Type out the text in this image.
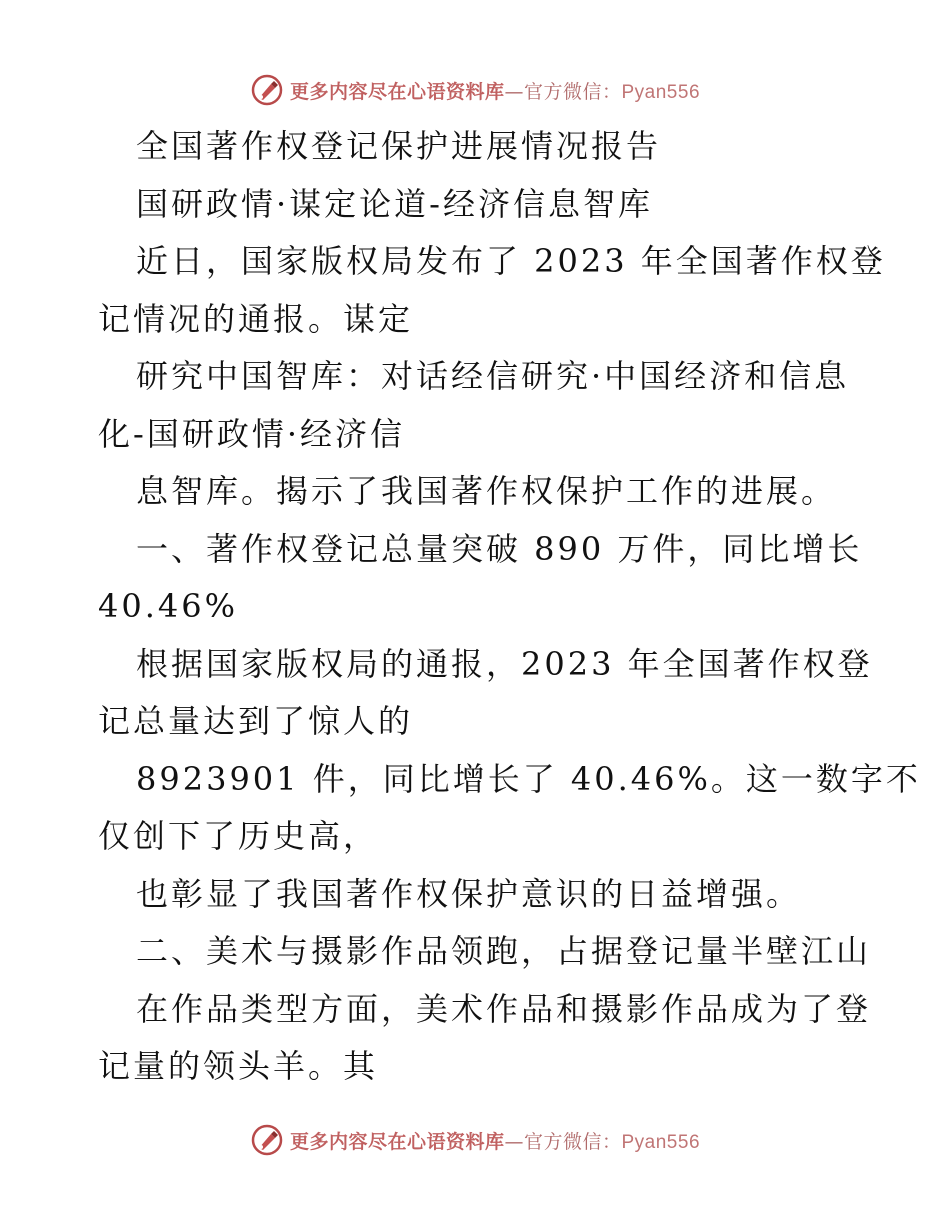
更多内容尽在心语资料库—官方微信：Pyan556
全国著作权登记保护进展情况报告
国研政情·谋定论道-经济信息智库
近日，国家版权局发布了 2023 年全国著作权登
记情况的通报。谋定
研究中国智库：对话经信研究·中国经济和信息
化-国研政情·经济信
息智库。揭示了我国著作权保护工作的进展。
一、著作权登记总量突破 890 万件，同比增长
40.46%
根据国家版权局的通报，2023 年全国著作权登
记总量达到了惊人的
8923901 件，同比增长了 40.46%。这一数字不
仅创下了历史高，
也彰显了我国著作权保护意识的日益增强。
二、美术与摄影作品领跑，占据登记量半壁江山
在作品类型方面，美术作品和摄影作品成为了登
记量的领头羊。其
更多内容尽在心语资料库—官方微信：Pyan556
